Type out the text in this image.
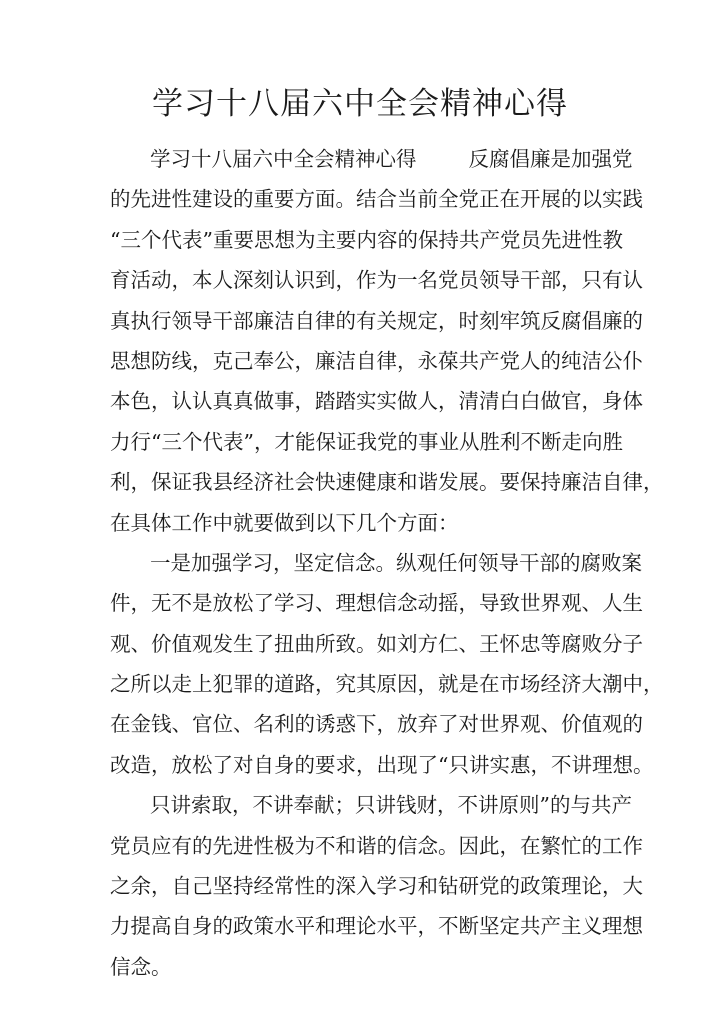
学习十八届六中全会精神心得
学习十八届六中全会精神心得	反腐倡廉是加强党
的先进性建设的重要方面。结合当前全党正在开展的以实践
“三个代表”重要思想为主要内容的保持共产党员先进性教
育活动，本人深刻认识到，作为一名党员领导干部，只有认
真执行领导干部廉洁自律的有关规定，时刻牢筑反腐倡廉的
思想防线，克己奉公，廉洁自律，永葆共产党人的纯洁公仆
本色，认认真真做事，踏踏实实做人，清清白白做官，身体
力行“三个代表”，才能保证我党的事业从胜利不断走向胜
利，保证我县经济社会快速健康和谐发展。要保持廉洁自律，
在具体工作中就要做到以下几个方面：
一是加强学习，坚定信念。纵观任何领导干部的腐败案
件，无不是放松了学习、理想信念动摇，导致世界观、人生
观、价值观发生了扭曲所致。如刘方仁、王怀忠等腐败分子
之所以走上犯罪的道路，究其原因，就是在市场经济大潮中，
在金钱、官位、名利的诱惑下，放弃了对世界观、价值观的
改造，放松了对自身的要求，出现了“只讲实惠，不讲理想。
只讲索取，不讲奉献；只讲钱财，不讲原则”的与共产
党员应有的先进性极为不和谐的信念。因此，在繁忙的工作
之余，自己坚持经常性的深入学习和钻研党的政策理论，大
力提高自身的政策水平和理论水平，不断坚定共产主义理想
信念。
